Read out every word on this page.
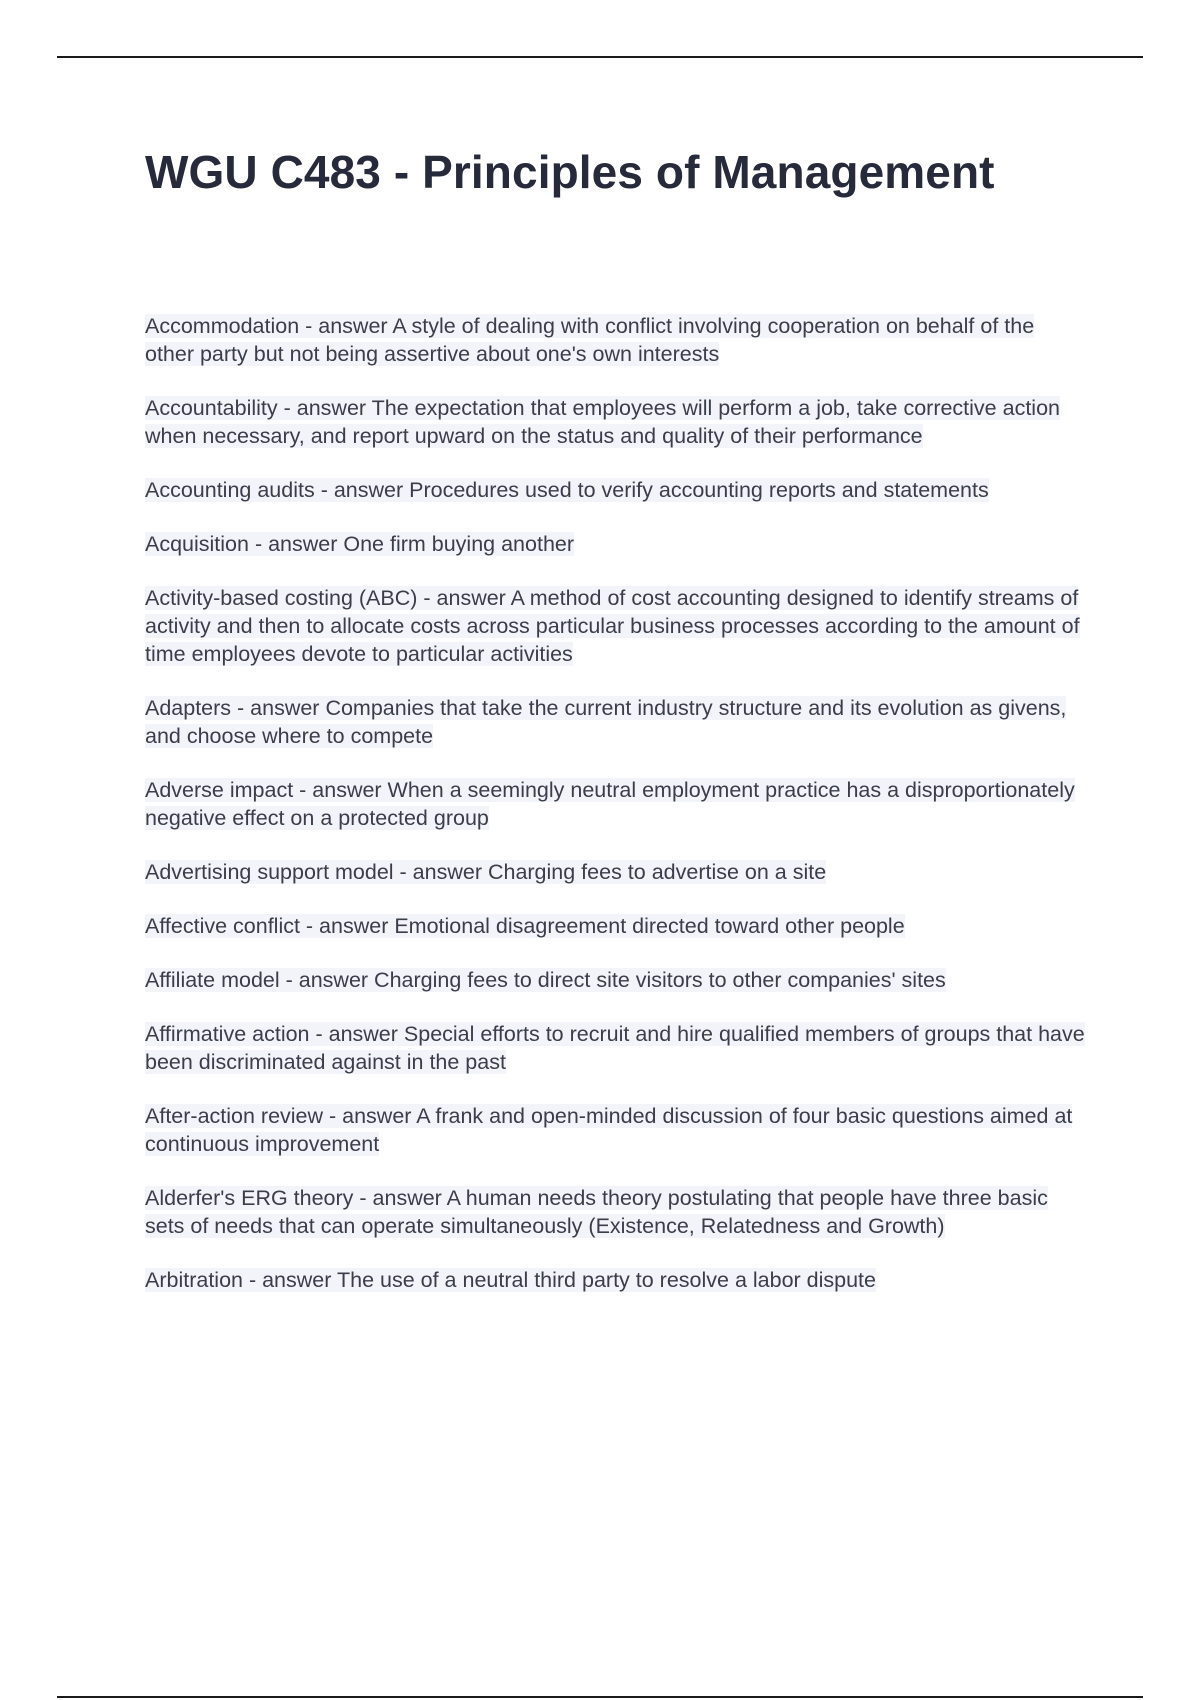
WGU C483 - Principles of Management

Accommodation - answer A style of dealing with conflict involving cooperation on behalf of the other party but not being assertive about one's own interests

Accountability - answer The expectation that employees will perform a job, take corrective action when necessary, and report upward on the status and quality of their performance

Accounting audits - answer Procedures used to verify accounting reports and statements

Acquisition - answer One firm buying another

Activity-based costing (ABC) - answer A method of cost accounting designed to identify streams of activity and then to allocate costs across particular business processes according to the amount of time employees devote to particular activities

Adapters - answer Companies that take the current industry structure and its evolution as givens, and choose where to compete

Adverse impact - answer When a seemingly neutral employment practice has a disproportionately negative effect on a protected group

Advertising support model - answer Charging fees to advertise on a site

Affective conflict - answer Emotional disagreement directed toward other people

Affiliate model - answer Charging fees to direct site visitors to other companies' sites

Affirmative action - answer Special efforts to recruit and hire qualified members of groups that have been discriminated against in the past

After-action review - answer A frank and open-minded discussion of four basic questions aimed at continuous improvement

Alderfer's ERG theory - answer A human needs theory postulating that people have three basic sets of needs that can operate simultaneously (Existence, Relatedness and Growth)

Arbitration - answer The use of a neutral third party to resolve a labor dispute
